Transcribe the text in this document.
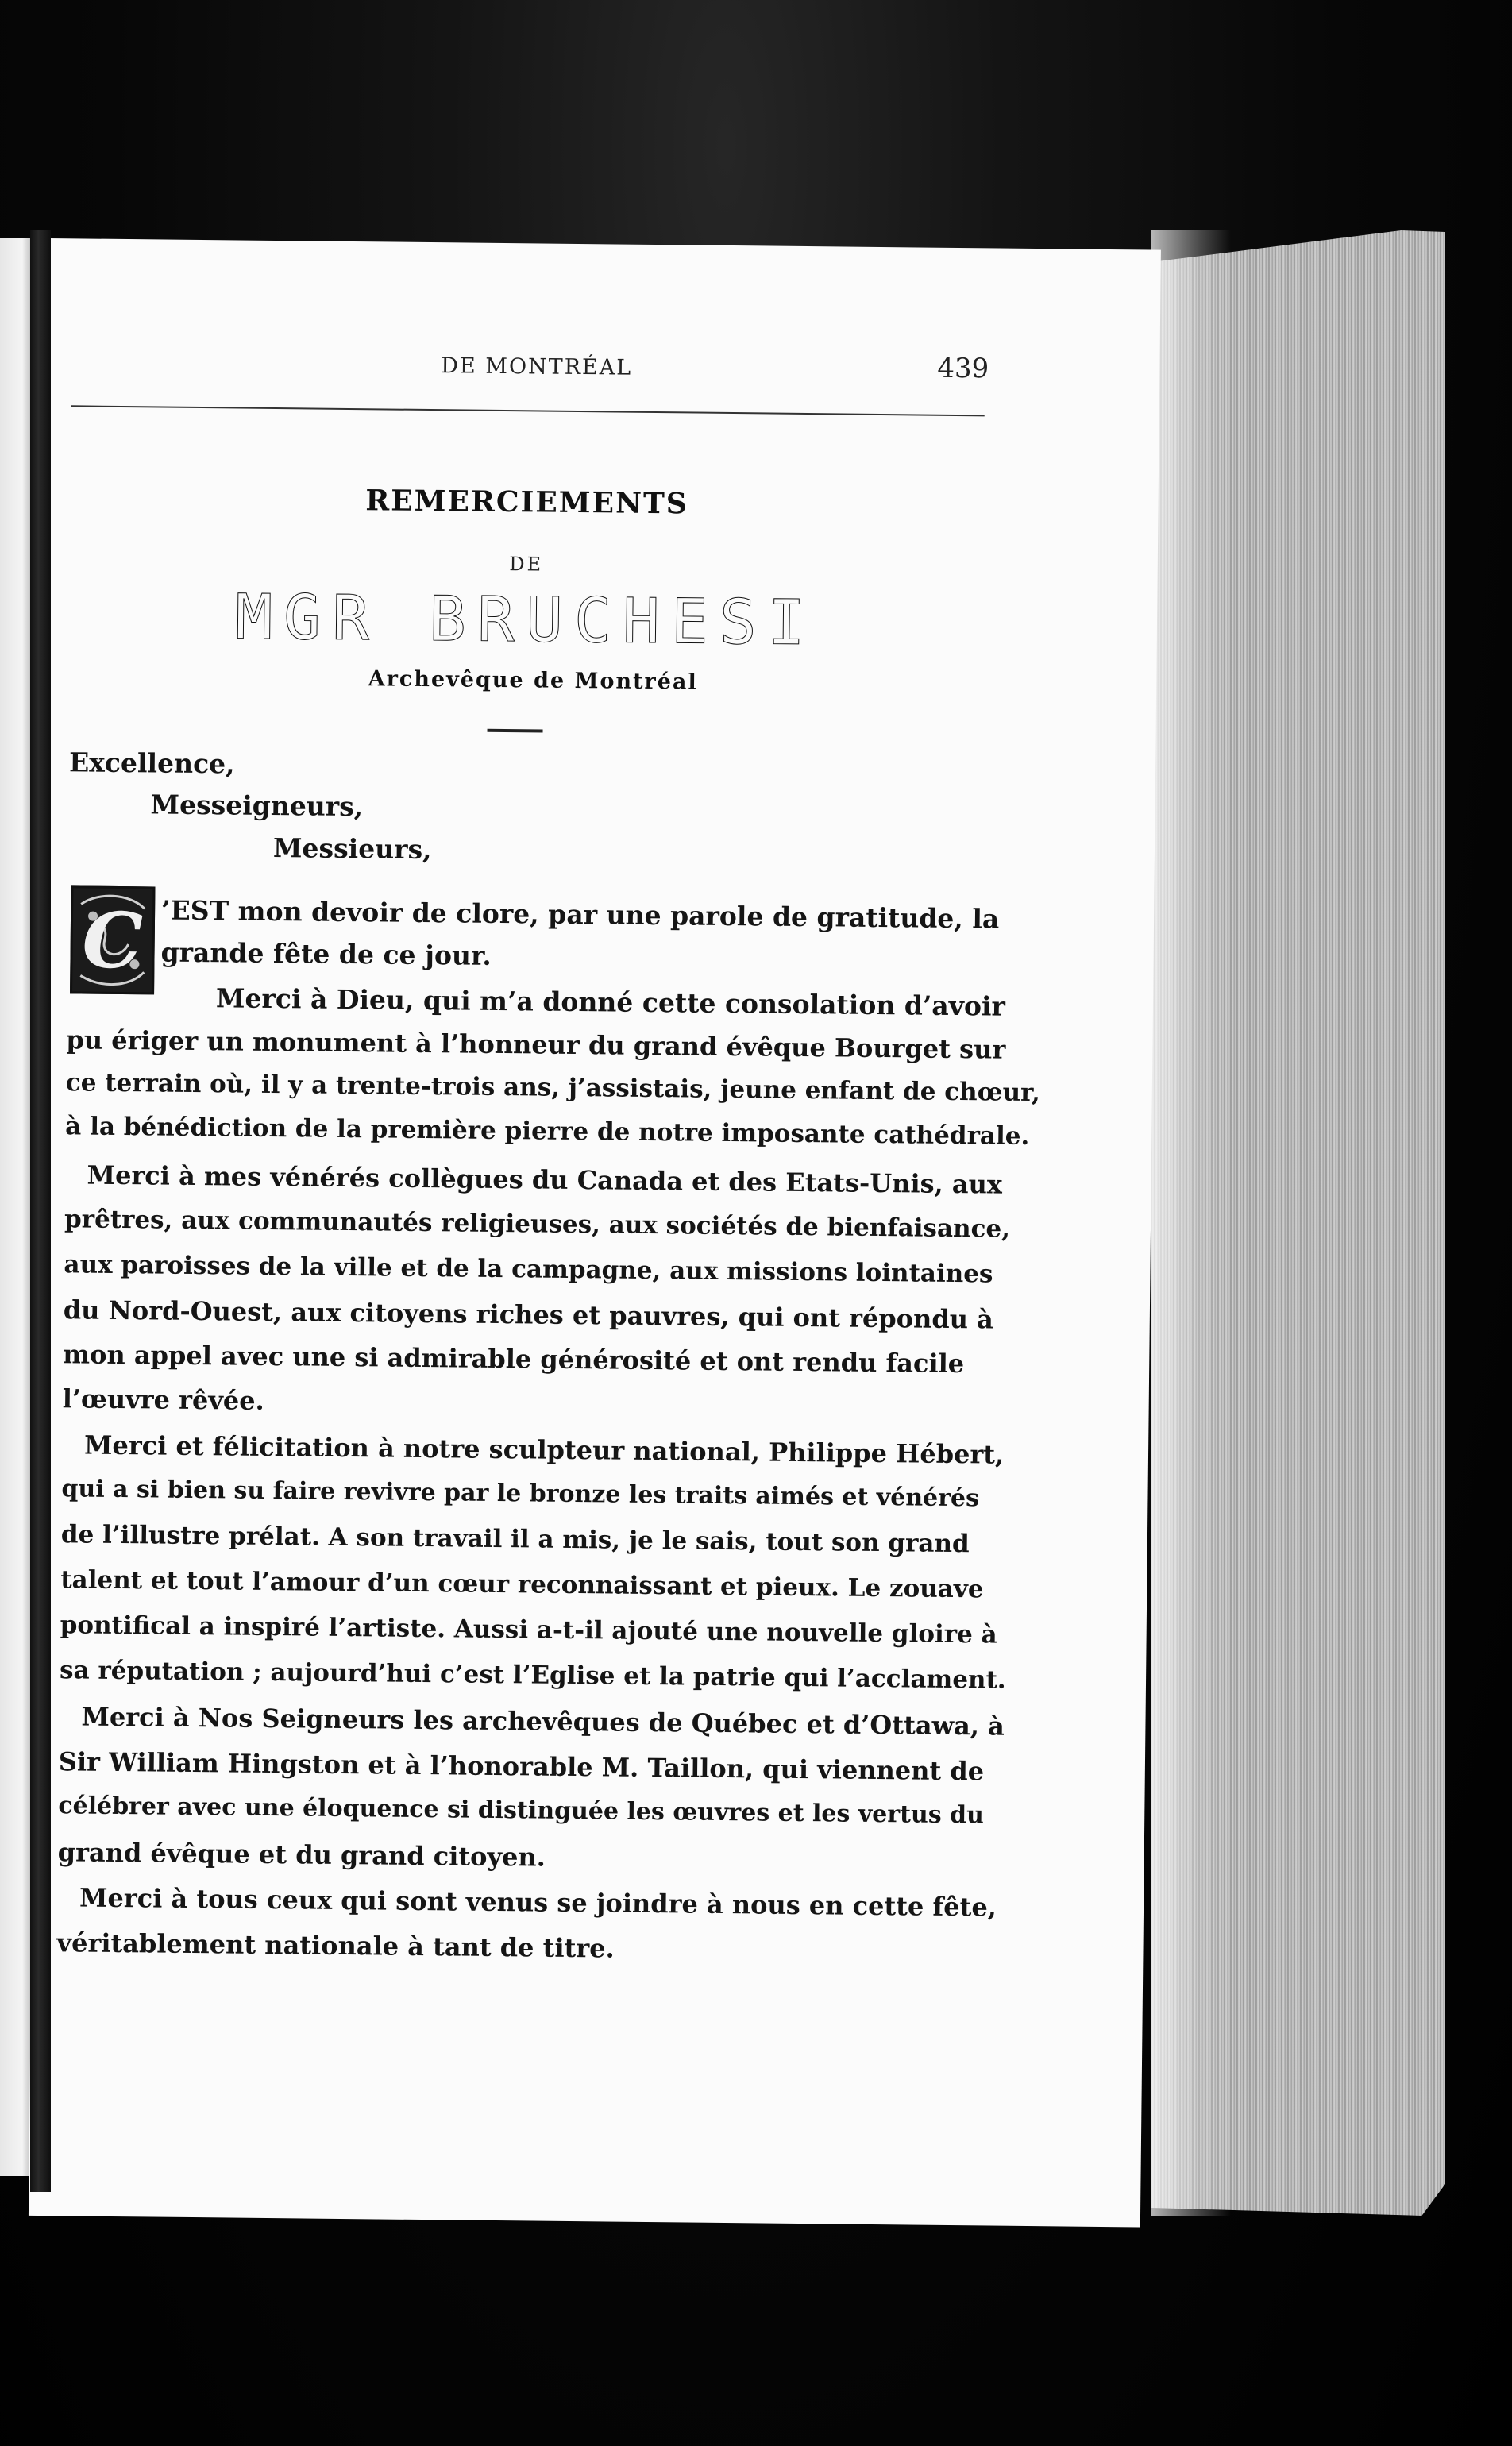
DE MONTRÉAL	439
REMERCIEMENTS
DE
MGR BRUCHESI
Archevêque de Montréal
Excellence,
Messeigneurs,
Messieurs,
C ’EST mon devoir de clore, par une parole de gratitude, la
grande fête de ce jour.
Merci à Dieu, qui m’a donné cette consolation d’avoir
pu ériger un monument à l’honneur du grand évêque Bourget sur
ce terrain où, il y a trente-trois ans, j’assistais, jeune enfant de chœur,
à la bénédiction de la première pierre de notre imposante cathédrale.
Merci à mes vénérés collègues du Canada et des Etats-Unis, aux
prêtres, aux communautés religieuses, aux sociétés de bienfaisance,
aux paroisses de la ville et de la campagne, aux missions lointaines
du Nord-Ouest, aux citoyens riches et pauvres, qui ont répondu à
mon appel avec une si admirable générosité et ont rendu facile
l’œuvre rêvée.
Merci et félicitation à notre sculpteur national, Philippe Hébert,
qui a si bien su faire revivre par le bronze les traits aimés et vénérés
de l’illustre prélat. A son travail il a mis, je le sais, tout son grand
talent et tout l’amour d’un cœur reconnaissant et pieux. Le zouave
pontifical a inspiré l’artiste. Aussi a-t-il ajouté une nouvelle gloire à
sa réputation ; aujourd’hui c’est l’Eglise et la patrie qui l’acclament.
Merci à Nos Seigneurs les archevêques de Québec et d’Ottawa, à
Sir William Hingston et à l’honorable M. Taillon, qui viennent de
célébrer avec une éloquence si distinguée les œuvres et les vertus du
grand évêque et du grand citoyen.
Merci à tous ceux qui sont venus se joindre à nous en cette fête,
véritablement nationale à tant de titre.
